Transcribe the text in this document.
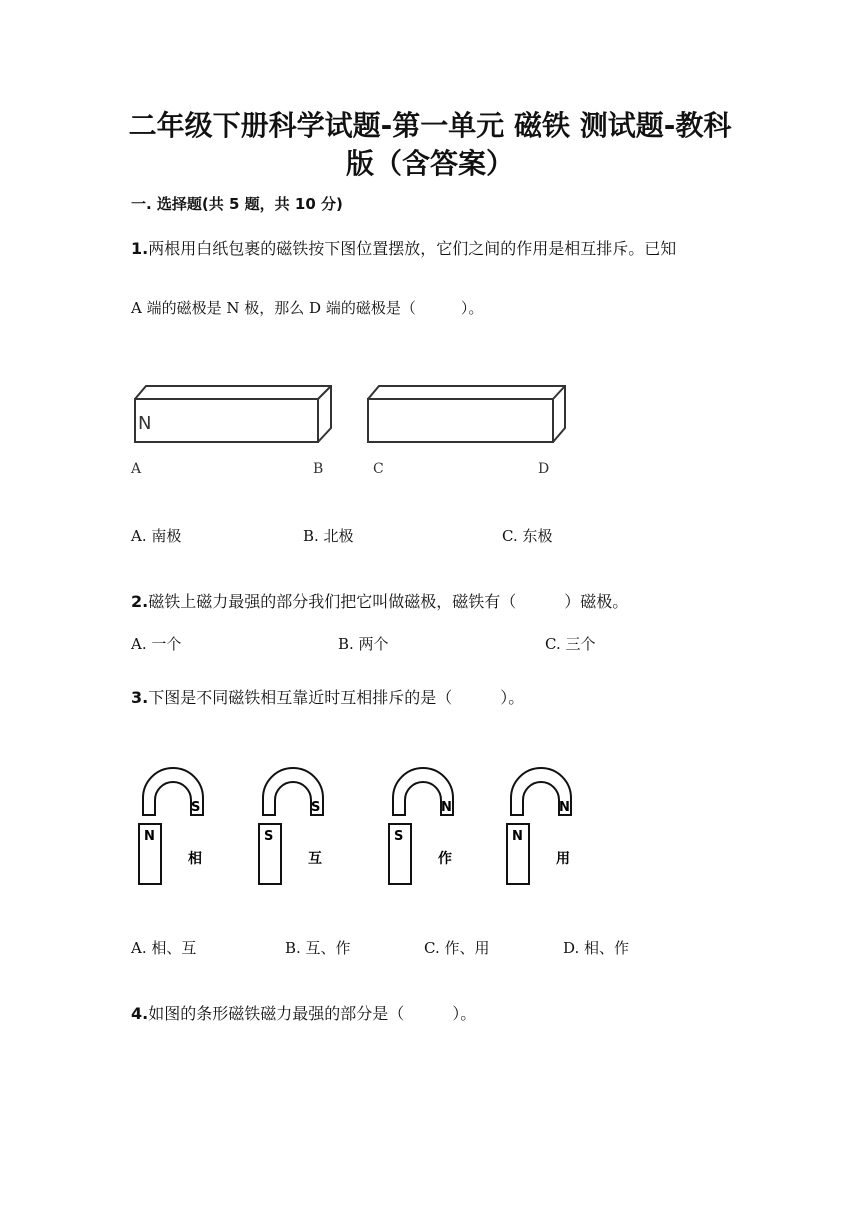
二年级下册科学试题-第一单元 磁铁 测试题-教科
版（含答案）
一. 选择题(共 5 题，共 10 分)
1.两根用白纸包裹的磁铁按下图位置摆放，它们之间的作用是相互排斥。已知
A 端的磁极是 N 极，那么 D 端的磁极是（　　　）。
N
A	B	C	D
A. 南极	B. 北极	C. 东极
2.磁铁上磁力最强的部分我们把它叫做磁极，磁铁有（　　　）磁极。
A. 一个	B. 两个	C. 三个
3.下图是不同磁铁相互靠近时互相排斥的是（　　　）。
S
N
相
S
S
互
N
S
作
N
N
用
A. 相、互	B. 互、作	C. 作、用	D. 相、作
4.如图的条形磁铁磁力最强的部分是（　　　）。
